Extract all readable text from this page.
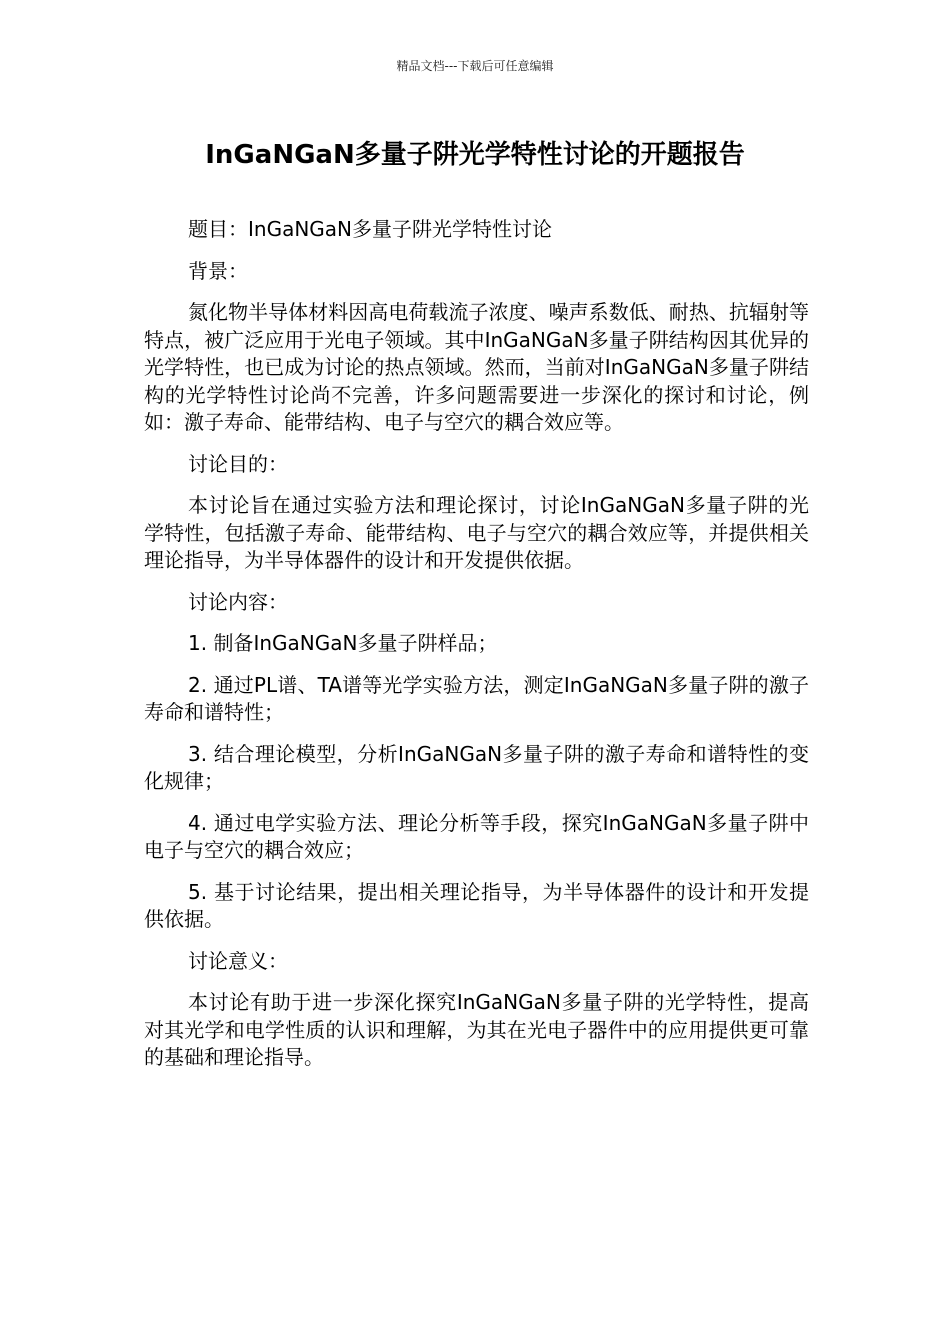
精品文档---下载后可任意编辑
InGaNGaN多量子阱光学特性讨论的开题报告

题目：InGaNGaN多量子阱光学特性讨论

背景：

氮化物半导体材料因高电荷载流子浓度、噪声系数低、耐热、抗辐射等特点，被广泛应用于光电子领域。其中InGaNGaN多量子阱结构因其优异的光学特性，也已成为讨论的热点领域。然而，当前对InGaNGaN多量子阱结构的光学特性讨论尚不完善，许多问题需要进一步深化的探讨和讨论，例如：激子寿命、能带结构、电子与空穴的耦合效应等。

讨论目的：

本讨论旨在通过实验方法和理论探讨，讨论InGaNGaN多量子阱的光学特性，包括激子寿命、能带结构、电子与空穴的耦合效应等，并提供相关理论指导，为半导体器件的设计和开发提供依据。

讨论内容：

1. 制备InGaNGaN多量子阱样品；

2. 通过PL谱、TA谱等光学实验方法，测定InGaNGaN多量子阱的激子寿命和谱特性；

3. 结合理论模型，分析InGaNGaN多量子阱的激子寿命和谱特性的变化规律；

4. 通过电学实验方法、理论分析等手段，探究InGaNGaN多量子阱中电子与空穴的耦合效应；

5. 基于讨论结果，提出相关理论指导，为半导体器件的设计和开发提供依据。

讨论意义：

本讨论有助于进一步深化探究InGaNGaN多量子阱的光学特性，提高对其光学和电学性质的认识和理解，为其在光电子器件中的应用提供更可靠的基础和理论指导。
